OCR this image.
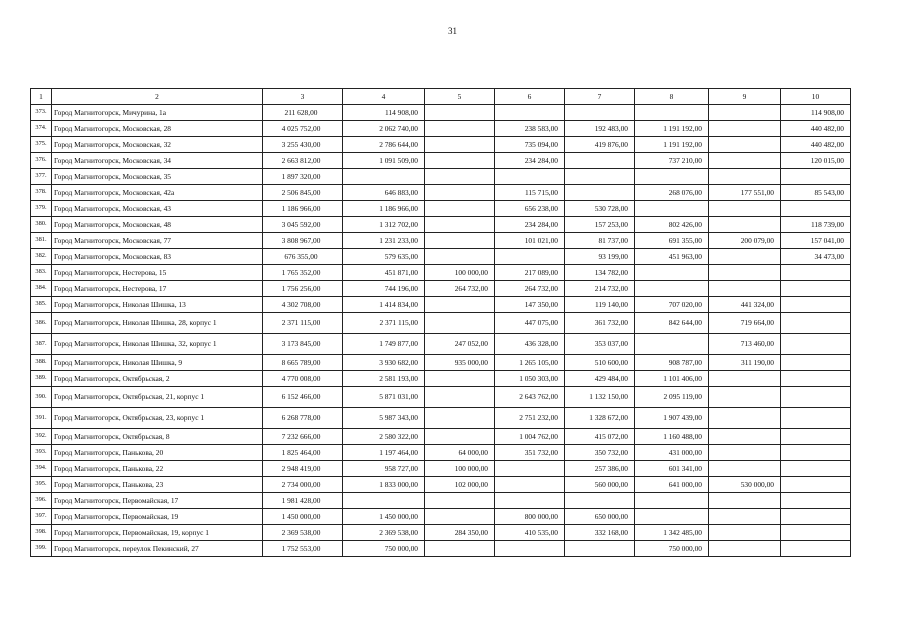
31
1	2	3	4	5	6	7	8	9	10
373.	Город Магнитогорск, Мичурина, 1а	211 628,00	114 908,00						114 908,00
374.	Город Магнитогорск, Московская, 28	4 025 752,00	2 062 740,00		238 583,00	192 483,00	1 191 192,00		440 482,00
375.	Город Магнитогорск, Московская, 32	3 255 430,00	2 786 644,00		735 094,00	419 876,00	1 191 192,00		440 482,00
376.	Город Магнитогорск, Московская, 34	2 663 812,00	1 091 509,00		234 284,00		737 210,00		120 015,00
377.	Город Магнитогорск, Московская, 35	1 897 320,00							
378.	Город Магнитогорск, Московская, 42а	2 506 845,00	646 883,00		115 715,00		268 076,00	177 551,00	85 543,00
379.	Город Магнитогорск, Московская, 43	1 186 966,00	1 186 966,00		656 238,00	530 728,00			
380.	Город Магнитогорск, Московская, 48	3 045 592,00	1 312 702,00		234 284,00	157 253,00	802 426,00		118 739,00
381.	Город Магнитогорск, Московская, 77	3 808 967,00	1 231 233,00		101 021,00	81 737,00	691 355,00	200 079,00	157 041,00
382.	Город Магнитогорск, Московская, 83	676 355,00	579 635,00			93 199,00	451 963,00		34 473,00
383.	Город Магнитогорск, Нестерова, 15	1 765 352,00	451 871,00	100 000,00	217 089,00	134 782,00			
384.	Город Магнитогорск, Нестерова, 17	1 756 256,00	744 196,00	264 732,00	264 732,00	214 732,00			
385.	Город Магнитогорск, Николая Шишка, 13	4 302 708,00	1 414 834,00		147 350,00	119 140,00	707 020,00	441 324,00	
386.	Город Магнитогорск, Николая Шишка, 28, корпус 1	2 371 115,00	2 371 115,00		447 075,00	361 732,00	842 644,00	719 664,00	
387.	Город Магнитогорск, Николая Шишка, 32, корпус 1	3 173 845,00	1 749 877,00	247 052,00	436 328,00	353 037,00		713 460,00	
388.	Город Магнитогорск, Николая Шишка, 9	8 665 789,00	3 930 682,00	935 000,00	1 265 105,00	510 600,00	908 787,00	311 190,00	
389.	Город Магнитогорск, Октябрьская, 2	4 770 008,00	2 581 193,00		1 050 303,00	429 484,00	1 101 406,00		
390.	Город Магнитогорск, Октябрьская, 21, корпус 1	6 152 466,00	5 871 031,00		2 643 762,00	1 132 150,00	2 095 119,00		
391.	Город Магнитогорск, Октябрьская, 23, корпус 1	6 268 778,00	5 987 343,00		2 751 232,00	1 328 672,00	1 907 439,00		
392.	Город Магнитогорск, Октябрьская, 8	7 232 666,00	2 580 322,00		1 004 762,00	415 072,00	1 160 488,00		
393.	Город Магнитогорск, Панькова, 20	1 825 464,00	1 197 464,00	64 000,00	351 732,00	350 732,00	431 000,00		
394.	Город Магнитогорск, Панькова, 22	2 948 419,00	958 727,00	100 000,00		257 386,00	601 341,00		
395.	Город Магнитогорск, Панькова, 23	2 734 000,00	1 833 000,00	102 000,00		560 000,00	641 000,00	530 000,00	
396.	Город Магнитогорск, Первомайская, 17	1 981 428,00							
397.	Город Магнитогорск, Первомайская, 19	1 450 000,00	1 450 000,00		800 000,00	650 000,00			
398.	Город Магнитогорск, Первомайская, 19, корпус 1	2 369 538,00	2 369 538,00	284 350,00	410 535,00	332 168,00	1 342 485,00		
399.	Город Магнитогорск, переулок Пекинский, 27	1 752 553,00	750 000,00				750 000,00		
